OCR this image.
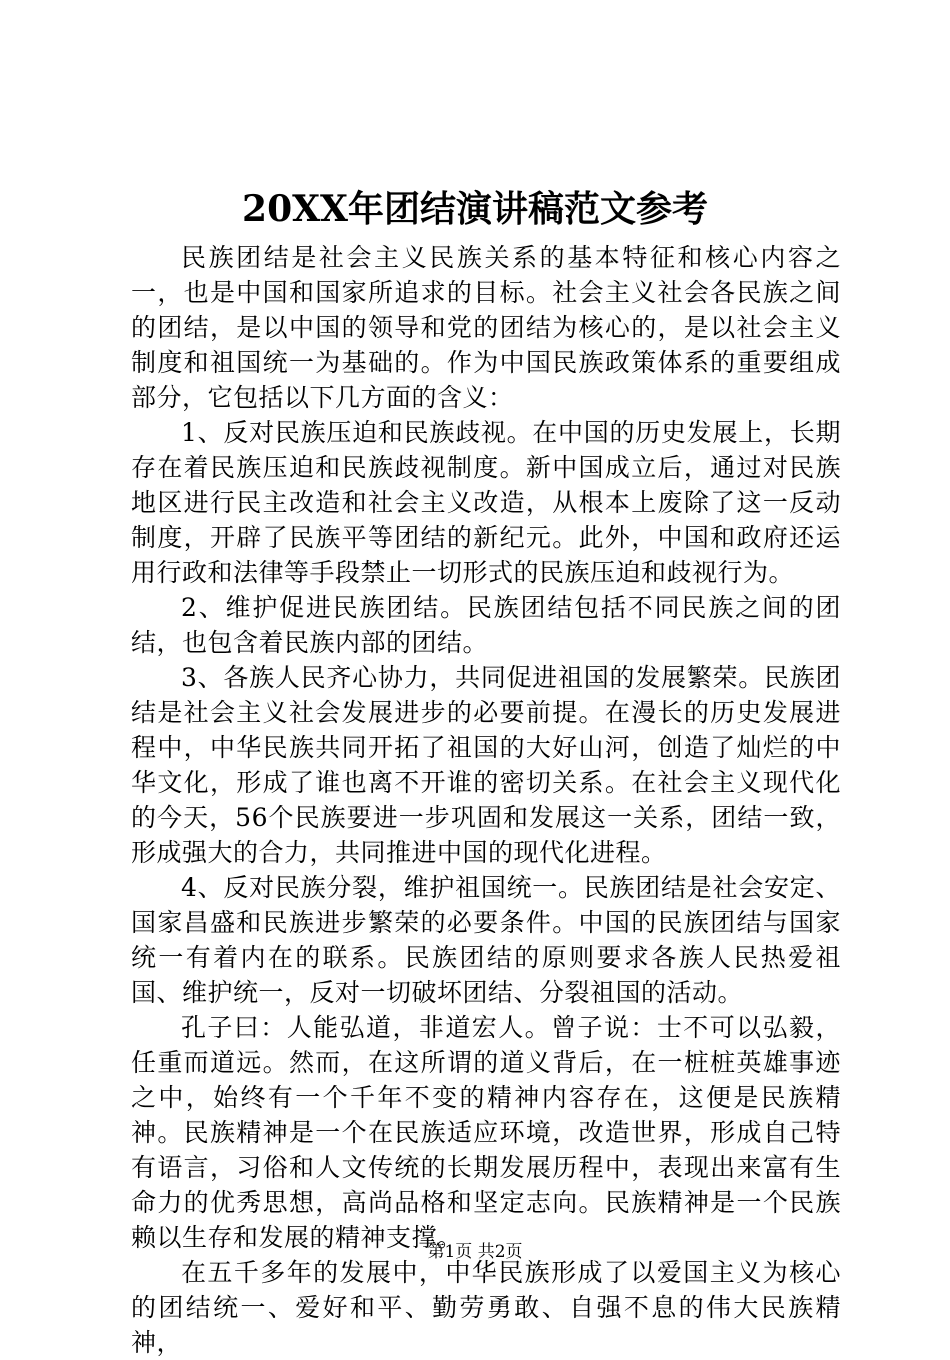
20XX年团结演讲稿范文参考

民族团结是社会主义民族关系的基本特征和核心内容之一，也是中国和国家所追求的目标。社会主义社会各民族之间的团结，是以中国的领导和党的团结为核心的，是以社会主义制度和祖国统一为基础的。作为中国民族政策体系的重要组成部分，它包括以下几方面的含义：

1、反对民族压迫和民族歧视。在中国的历史发展上，长期存在着民族压迫和民族歧视制度。新中国成立后，通过对民族地区进行民主改造和社会主义改造，从根本上废除了这一反动制度，开辟了民族平等团结的新纪元。此外，中国和政府还运用行政和法律等手段禁止一切形式的民族压迫和歧视行为。

2、维护促进民族团结。民族团结包括不同民族之间的团结，也包含着民族内部的团结。

3、各族人民齐心协力，共同促进祖国的发展繁荣。民族团结是社会主义社会发展进步的必要前提。在漫长的历史发展进程中，中华民族共同开拓了祖国的大好山河，创造了灿烂的中华文化，形成了谁也离不开谁的密切关系。在社会主义现代化的今天，56个民族要进一步巩固和发展这一关系，团结一致，形成强大的合力，共同推进中国的现代化进程。

4、反对民族分裂，维护祖国统一。民族团结是社会安定、国家昌盛和民族进步繁荣的必要条件。中国的民族团结与国家统一有着内在的联系。民族团结的原则要求各族人民热爱祖国、维护统一，反对一切破坏团结、分裂祖国的活动。

孔子曰：人能弘道，非道宏人。曾子说：士不可以弘毅，任重而道远。然而，在这所谓的道义背后，在一桩桩英雄事迹之中，始终有一个千年不变的精神内容存在，这便是民族精神。民族精神是一个在民族适应环境，改造世界，形成自己特有语言，习俗和人文传统的长期发展历程中，表现出来富有生命力的优秀思想，高尚品格和坚定志向。民族精神是一个民族赖以生存和发展的精神支撑。

在五千多年的发展中，中华民族形成了以爱国主义为核心的团结统一、爱好和平、勤劳勇敢、自强不息的伟大民族精神，

第1页 共2页
